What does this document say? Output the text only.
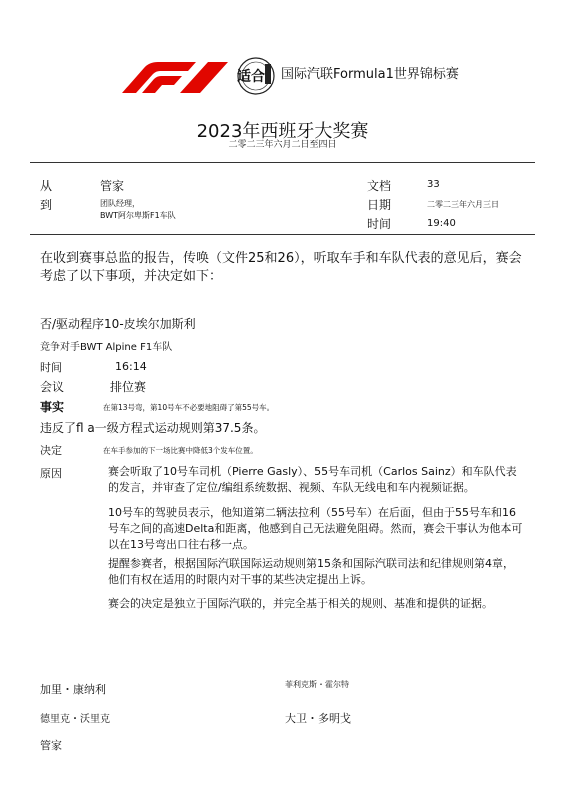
适合 国际汽联Formula1世界锦标赛
2023年西班牙大奖赛
二零二三年六月二日至四日
从	管家
到	团队经理，
BWT阿尔卑斯F1车队
文档	33
日期	二零二三年六月三日
时间	19:40
在收到赛事总监的报告，传唤（文件25和26），听取车手和车队代表的意见后，赛会考虑了以下事项，并决定如下：
否/驱动程序10-皮埃尔加斯利
竞争对手BWT Alpine F1车队
时间	16:14
会议	排位赛
事实	在第13号弯，第10号车不必要地阻碍了第55号车。
违反了fl a一级方程式运动规则第37.5条。
决定	在车手参加的下一场比赛中降低3个发车位置。
原因	赛会听取了10号车司机（Pierre Gasly）、55号车司机（Carlos Sainz）和车队代表的发言，并审查了定位/编组系统数据、视频、车队无线电和车内视频证据。
10号车的驾驶员表示，他知道第二辆法拉利（55号车）在后面，但由于55号车和16号车之间的高速Delta和距离，他感到自己无法避免阻碍。然而，赛会干事认为他本可以在13号弯出口往右移一点。
提醒参赛者，根据国际汽联国际运动规则第15条和国际汽联司法和纪律规则第4章，他们有权在适用的时限内对干事的某些决定提出上诉。
赛会的决定是独立于国际汽联的，并完全基于相关的规则、基准和提供的证据。
加里・康纳利	菲利克斯・霍尔特
德里克・沃里克	大卫・多明戈
管家
